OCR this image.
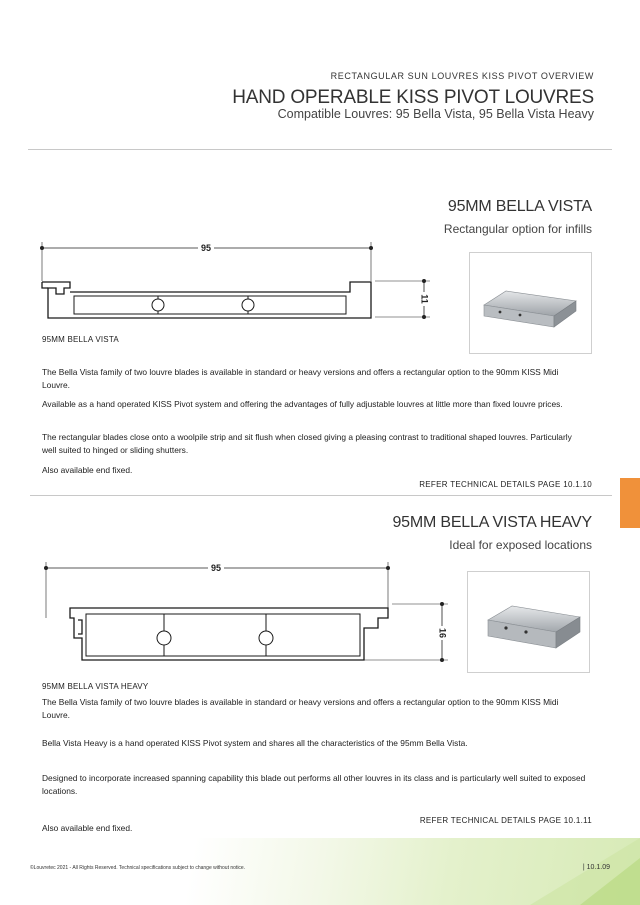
RECTANGULAR SUN LOUVRES KISS PIVOT OVERVIEW
HAND OPERABLE KISS PIVOT LOUVRES
Compatible Louvres: 95 Bella Vista, 95 Bella Vista Heavy
95MM BELLA VISTA
Rectangular option for infills
95
11
95MM BELLA VISTA
The Bella Vista family of two louvre blades is available in standard or heavy versions and offers a rectangular option to the 90mm KISS Midi Louvre.
Available as a hand operated KISS Pivot system and offering the advantages of fully adjustable louvres at little more than fixed louvre prices.
The rectangular blades close onto a woolpile strip and sit flush when closed giving a pleasing contrast to traditional shaped louvres. Particularly well suited to hinged or sliding shutters.
Also available end fixed.
REFER TECHNICAL DETAILS PAGE 10.1.10
95MM BELLA VISTA HEAVY
Ideal for exposed locations
95
16
95MM BELLA VISTA HEAVY
The Bella Vista family of two louvre blades is available in standard or heavy versions and offers a rectangular option to the 90mm KISS Midi Louvre.
Bella Vista Heavy is a hand operated KISS Pivot system and shares all the characteristics of the 95mm Bella Vista.
Designed to incorporate increased spanning capability this blade out performs all other louvres in its class and is particularly well suited to exposed locations.
Also available end fixed.
REFER TECHNICAL DETAILS PAGE 10.1.11
©Louvretec 2021 - All Rights Reserved. Technical specifications subject to change without notice.	| 10.1.09
